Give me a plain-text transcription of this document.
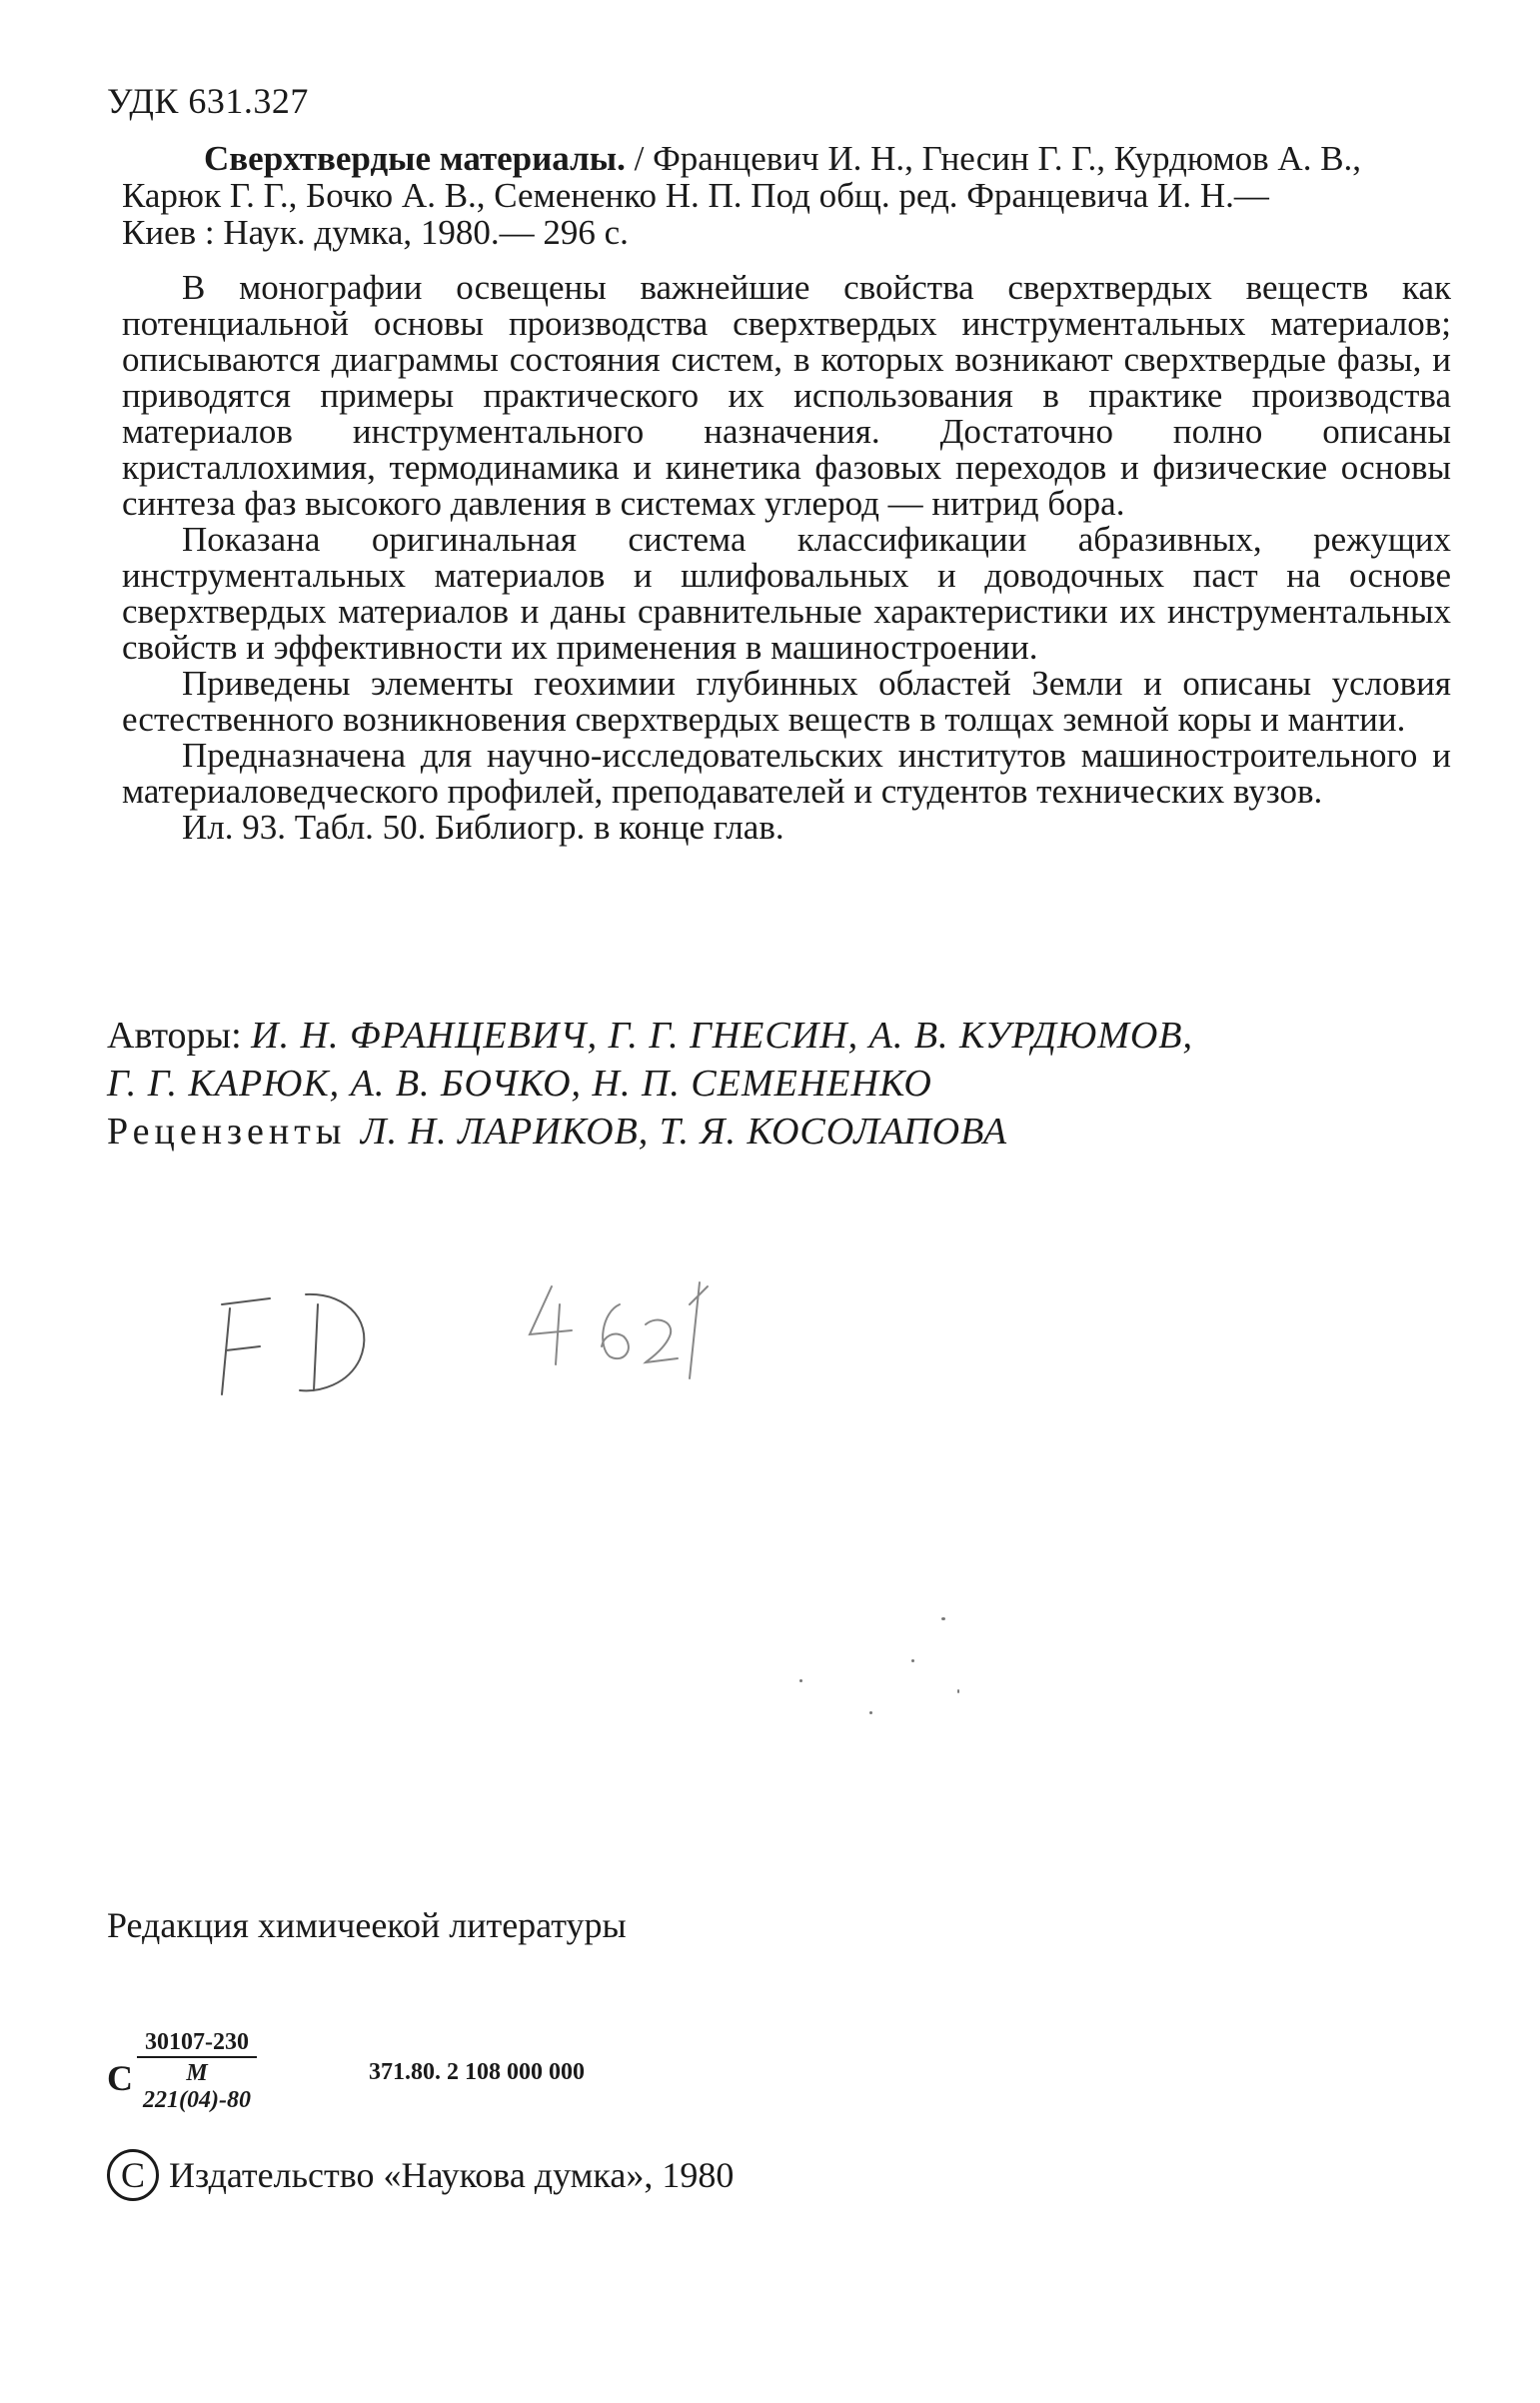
УДК 631.327
Сверхтвердые материалы. / Францевич И. Н., Гнесин Г. Г., Курдюмов А. В.,
Карюк Г. Г., Бочко А. В., Семененко Н. П. Под общ. ред. Францевича И. Н.—
Киев : Наук. думка, 1980.— 296 с.

В монографии освещены важнейшие свойства сверхтвердых веществ как потенциальной основы производства сверхтвердых инструментальных материалов; описываются диаграммы состояния систем, в которых возникают сверхтвердые фазы, и приводятся примеры практического их использования в практике производства материалов инструментального назначения. Достаточно полно описаны кристаллохимия, термодинамика и кинетика фазовых переходов и физические основы синтеза фаз высокого давления в системах углерод — нитрид бора.

Показана оригинальная система классификации абразивных, режущих инструментальных материалов и шлифовальных и доводочных паст на основе сверхтвердых материалов и даны сравнительные характеристики их инструментальных свойств и эффективности их применения в машиностроении.

Приведены элементы геохимии глубинных областей Земли и описаны условия естественного возникновения сверхтвердых веществ в толщах земной коры и мантии.

Предназначена для научно-исследовательских институтов машиностроительного и материаловедческого профилей, преподавателей и студентов технических вузов.

Ил. 93. Табл. 50. Библиогр. в конце глав.

Авторы: И. Н. ФРАНЦЕВИЧ, Г. Г. ГНЕСИН, А. В. КУРДЮМОВ,
Г. Г. КАРЮК, А. В. БОЧКО, Н. П. СЕМЕНЕНКО
Рецензенты Л. Н. ЛАРИКОВ, Т. Я. КОСОЛАПОВА
Редакция химичеекой литературы
С
30107-230
М 221(04)-80
371.80. 2 108 000 000
C Издательство «Наукова думка», 1980
